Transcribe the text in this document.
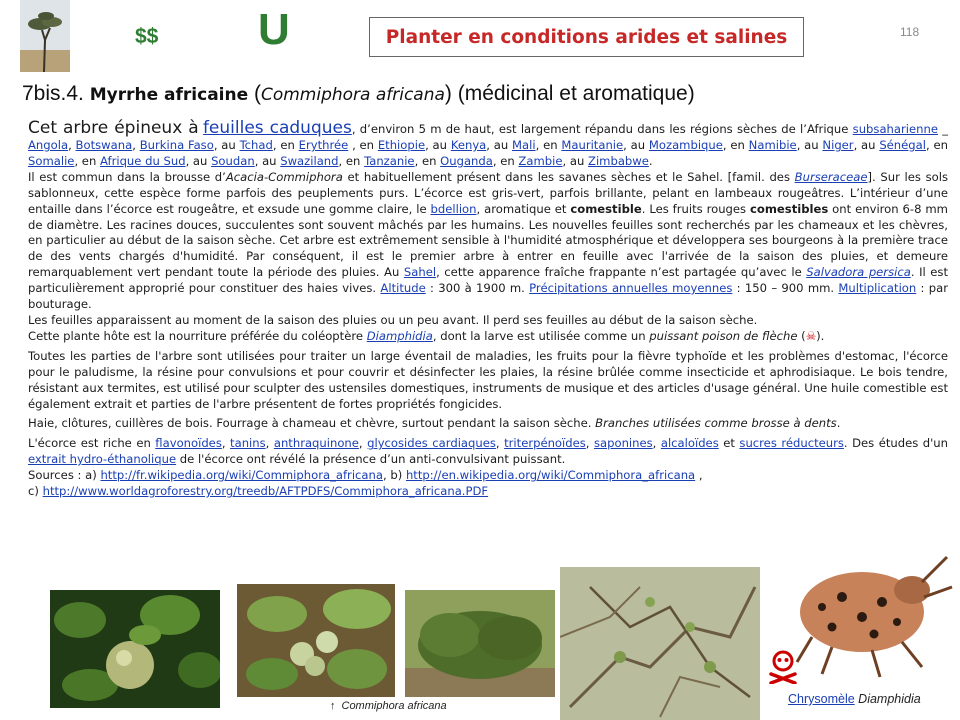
$$ U	Planter en conditions arides et salines	118
7bis.4. Myrrhe africaine (Commiphora africana) (médicinal et aromatique)

Cet arbre épineux à feuilles caduques, d’environ 5 m de haut, est largement répandu dans les régions sèches de l’Afrique subsaharienne _ Angola, Botswana, Burkina Faso, au Tchad, en Erythrée , en Ethiopie, au Kenya, au Mali, en Mauritanie, au Mozambique, en Namibie, au Niger, au Sénégal, en Somalie, en Afrique du Sud, au Soudan, au Swaziland, en Tanzanie, en Ouganda, en Zambie, au Zimbabwe.

Il est commun dans la brousse d’Acacia-Commiphora et habituellement présent dans les savanes sèches et le Sahel. [famil. des Burseraceae]. Sur les sols sablonneux, cette espèce forme parfois des peuplements purs. L’écorce est gris-vert, parfois brillante, pelant en lambeaux rougeâtres. L’intérieur d’une entaille dans l’écorce est rougeâtre, et exsude une gomme claire, le bdellion, aromatique et comestible. Les fruits rouges comestibles ont environ 6-8 mm de diamètre. Les racines douces, succulentes sont souvent mâchés par les humains. Les nouvelles feuilles sont recherchés par les chameaux et les chèvres, en particulier au début de la saison sèche. Cet arbre est extrêmement sensible à l'humidité atmosphérique et développera ses bourgeons à la première trace de des vents chargés d'humidité. Par conséquent, il est le premier arbre à entrer en feuille avec l'arrivée de la saison des pluies, et demeure remarquablement vert pendant toute la période des pluies. Au Sahel, cette apparence fraîche frappante n’est partagée qu’avec le Salvadora persica. Il est particulièrement approprié pour constituer des haies vives. Altitude : 300 à 1900 m. Précipitations annuelles moyennes : 150 – 900 mm. Multiplication : par bouturage.

Les feuilles apparaissent au moment de la saison des pluies ou un peu avant. Il perd ses feuilles au début de la saison sèche.

Cette plante hôte est la nourriture préférée du coléoptère Diamphidia, dont la larve est utilisée comme un puissant poison de flèche (☠).

Toutes les parties de l'arbre sont utilisées pour traiter un large éventail de maladies, les fruits pour la fièvre typhoïde et les problèmes d'estomac, l'écorce pour le paludisme, la résine pour convulsions et pour couvrir et désinfecter les plaies, la résine brûlée comme insecticide et aphrodisiaque. Le bois tendre, résistant aux termites, est utilisé pour sculpter des ustensiles domestiques, instruments de musique et des articles d'usage général. Une huile comestible est également extrait et parties de l'arbre présentent de fortes propriétés fongicides.

Haie, clôtures, cuillères de bois. Fourrage à chameau et chèvre, surtout pendant la saison sèche. Branches utilisées comme brosse à dents.

L'écorce est riche en flavonoïdes, tanins, anthraquinone, glycosides cardiaques, triterpénoïdes, saponines, alcaloïdes et sucres réducteurs. Des études d'un extrait hydro-éthanolique de l'écorce ont révélé la présence d’un anti-convulsivant puissant.

Sources : a) http://fr.wikipedia.org/wiki/Commiphora_africana, b) http://en.wikipedia.org/wiki/Commiphora_africana ,

c) http://www.worldagroforestry.org/treedb/AFTPDFS/Commiphora_africana.PDF

↑ Commiphora africana	Chrysomèle Diamphidia
